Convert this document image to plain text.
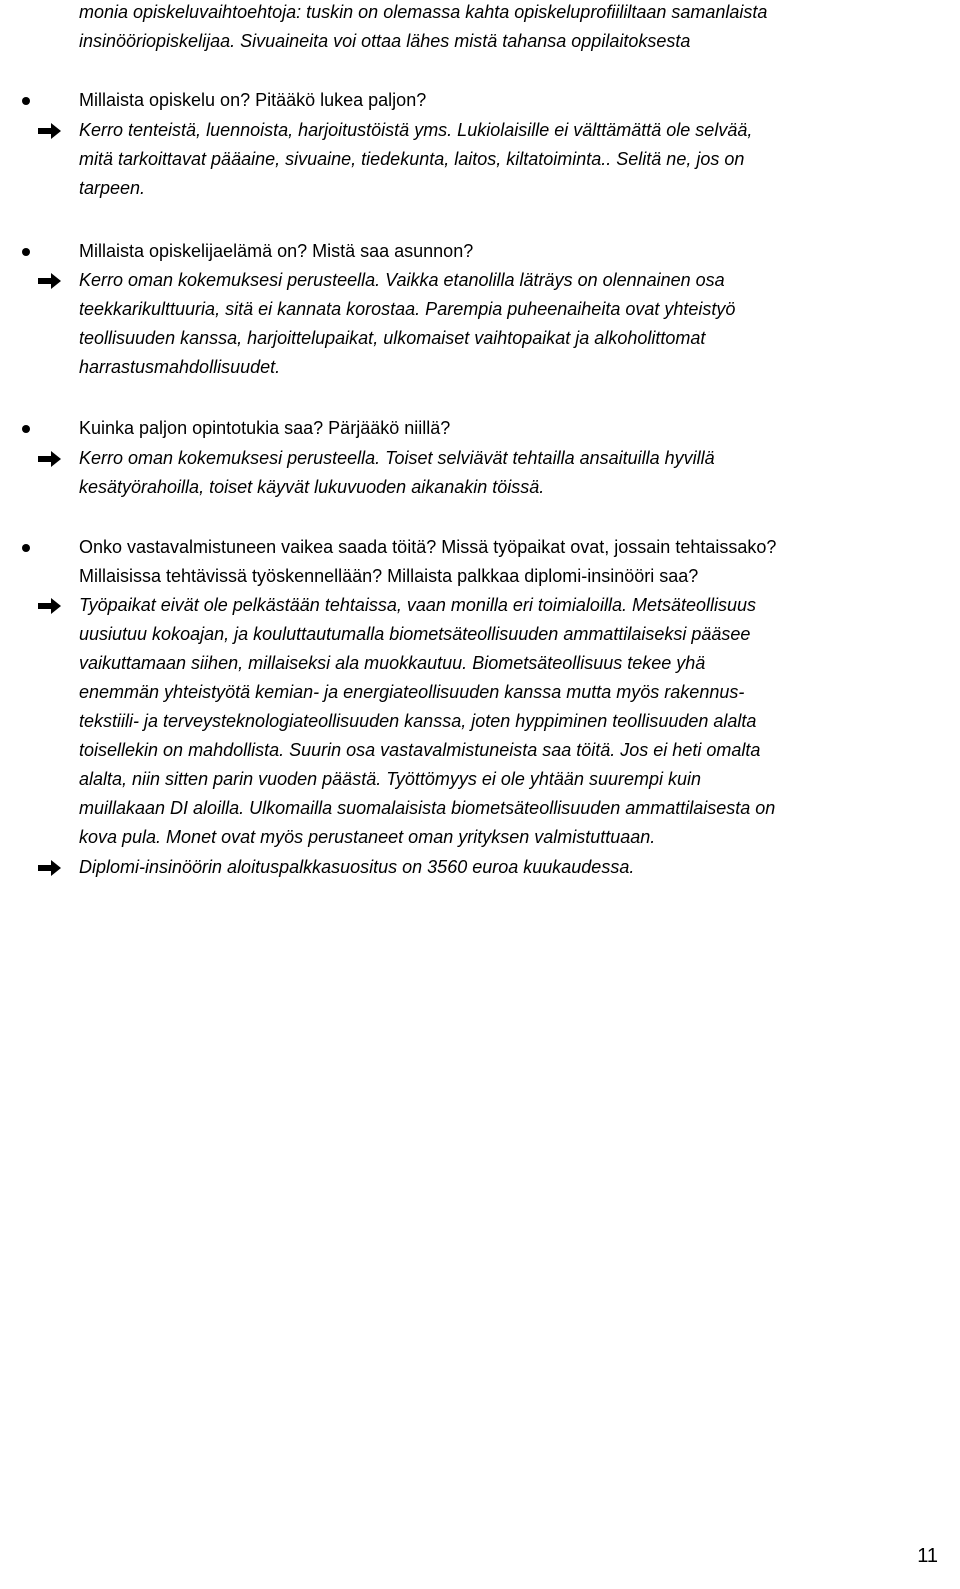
monia opiskeluvaihtoehtoja: tuskin on olemassa kahta opiskeluprofiililtaan samanlaista
insinööriopiskelijaa. Sivuaineita voi ottaa lähes mistä tahansa oppilaitoksesta
Millaista opiskelu on? Pitääkö lukea paljon?
Kerro tenteistä, luennoista, harjoitustöistä yms. Lukiolaisille ei välttämättä ole selvää,
mitä tarkoittavat pääaine, sivuaine, tiedekunta, laitos, kiltatoiminta.. Selitä ne, jos on
tarpeen.
Millaista opiskelijaelämä on? Mistä saa asunnon?
Kerro oman kokemuksesi perusteella. Vaikka etanolilla läträys on olennainen osa
teekkarikulttuuria, sitä ei kannata korostaa. Parempia puheenaiheita ovat yhteistyö
teollisuuden kanssa, harjoittelupaikat, ulkomaiset vaihtopaikat ja alkoholittomat
harrastusmahdollisuudet.
Kuinka paljon opintotukia saa? Pärjääkö niillä?
Kerro oman kokemuksesi perusteella. Toiset selviävät tehtailla ansaituilla hyvillä
kesätyörahoilla, toiset käyvät lukuvuoden aikanakin töissä.
Onko vastavalmistuneen vaikea saada töitä? Missä työpaikat ovat, jossain tehtaissako?
Millaisissa tehtävissä työskennellään? Millaista palkkaa diplomi-insinööri saa?
Työpaikat eivät ole pelkästään tehtaissa, vaan monilla eri toimialoilla. Metsäteollisuus
uusiutuu kokoajan, ja kouluttautumalla biometsäteollisuuden ammattilaiseksi pääsee
vaikuttamaan siihen, millaiseksi ala muokkautuu. Biometsäteollisuus tekee yhä
enemmän yhteistyötä kemian- ja energiateollisuuden kanssa mutta myös rakennus-
tekstiili- ja terveysteknologiateollisuuden kanssa, joten hyppiminen teollisuuden alalta
toisellekin on mahdollista. Suurin osa vastavalmistuneista saa töitä. Jos ei heti omalta
alalta, niin sitten parin vuoden päästä. Työttömyys ei ole yhtään suurempi kuin
muillakaan DI aloilla. Ulkomailla suomalaisista biometsäteollisuuden ammattilaisesta on
kova pula. Monet ovat myös perustaneet oman yrityksen valmistuttuaan.
Diplomi-insinöörin aloituspalkkasuositus on 3560 euroa kuukaudessa.
11
